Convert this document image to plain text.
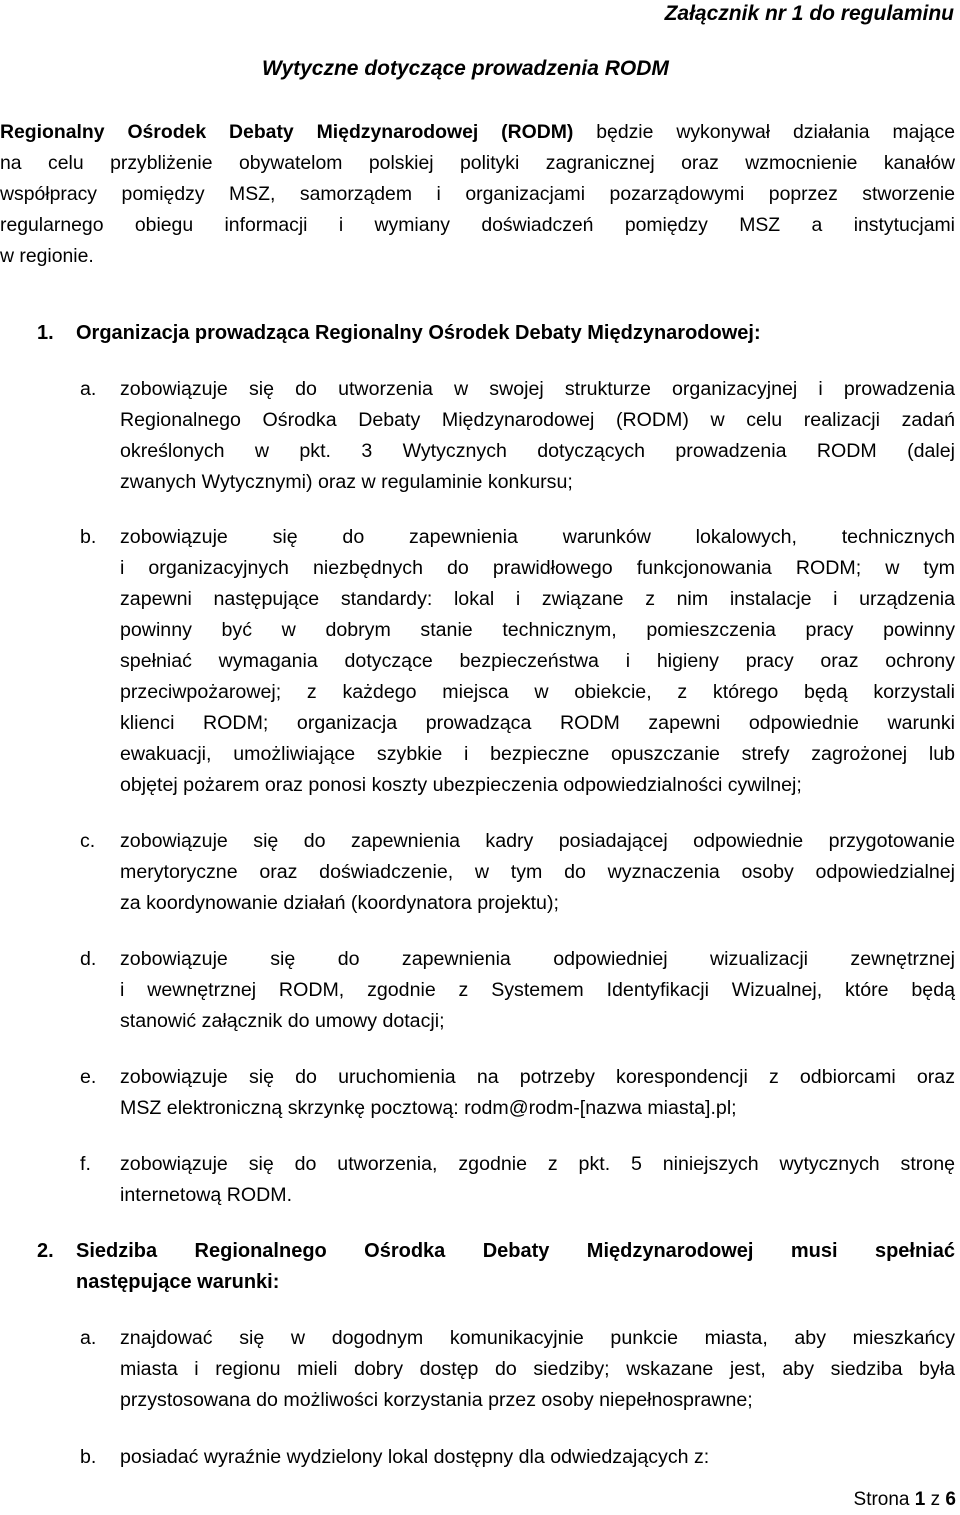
Załącznik nr 1 do regulaminu
Wytyczne dotyczące prowadzenia RODM
Regionalny Ośrodek Debaty Międzynarodowej (RODM) będzie wykonywał działania mające
na celu przybliżenie obywatelom polskiej polityki zagranicznej oraz wzmocnienie kanałów
współpracy pomiędzy MSZ, samorządem i organizacjami pozarządowymi poprzez stworzenie
regularnego obiegu informacji i wymiany doświadczeń pomiędzy MSZ a instytucjami
w regionie.
1. Organizacja prowadząca Regionalny Ośrodek Debaty Międzynarodowej:
a. zobowiązuje się do utworzenia w swojej strukturze organizacyjnej i prowadzenia
Regionalnego Ośrodka Debaty Międzynarodowej (RODM) w celu realizacji zadań
określonych w pkt. 3 Wytycznych dotyczących prowadzenia RODM (dalej
zwanych Wytycznymi) oraz w regulaminie konkursu;
b. zobowiązuje się do zapewnienia warunków lokalowych, technicznych
i organizacyjnych niezbędnych do prawidłowego funkcjonowania RODM; w tym
zapewni następujące standardy: lokal i związane z nim instalacje i urządzenia
powinny być w dobrym stanie technicznym, pomieszczenia pracy powinny
spełniać wymagania dotyczące bezpieczeństwa i higieny pracy oraz ochrony
przeciwpożarowej; z każdego miejsca w obiekcie, z którego będą korzystali
klienci RODM; organizacja prowadząca RODM zapewni odpowiednie warunki
ewakuacji, umożliwiające szybkie i bezpieczne opuszczanie strefy zagrożonej lub
objętej pożarem oraz ponosi koszty ubezpieczenia odpowiedzialności cywilnej;
c. zobowiązuje się do zapewnienia kadry posiadającej odpowiednie przygotowanie
merytoryczne oraz doświadczenie, w tym do wyznaczenia osoby odpowiedzialnej
za koordynowanie działań (koordynatora projektu);
d. zobowiązuje się do zapewnienia odpowiedniej wizualizacji zewnętrznej
i wewnętrznej RODM, zgodnie z Systemem Identyfikacji Wizualnej, które będą
stanowić załącznik do umowy dotacji;
e. zobowiązuje się do uruchomienia na potrzeby korespondencji z odbiorcami oraz
MSZ elektroniczną skrzynkę pocztową: rodm@rodm-[nazwa miasta].pl;
f. zobowiązuje się do utworzenia, zgodnie z pkt. 5 niniejszych wytycznych stronę
internetową RODM.
2. Siedziba Regionalnego Ośrodka Debaty Międzynarodowej musi spełniać
następujące warunki:
a. znajdować się w dogodnym komunikacyjnie punkcie miasta, aby mieszkańcy
miasta i regionu mieli dobry dostęp do siedziby; wskazane jest, aby siedziba była
przystosowana do możliwości korzystania przez osoby niepełnosprawne;
b. posiadać wyraźnie wydzielony lokal dostępny dla odwiedzających z:
Strona 1 z 6
